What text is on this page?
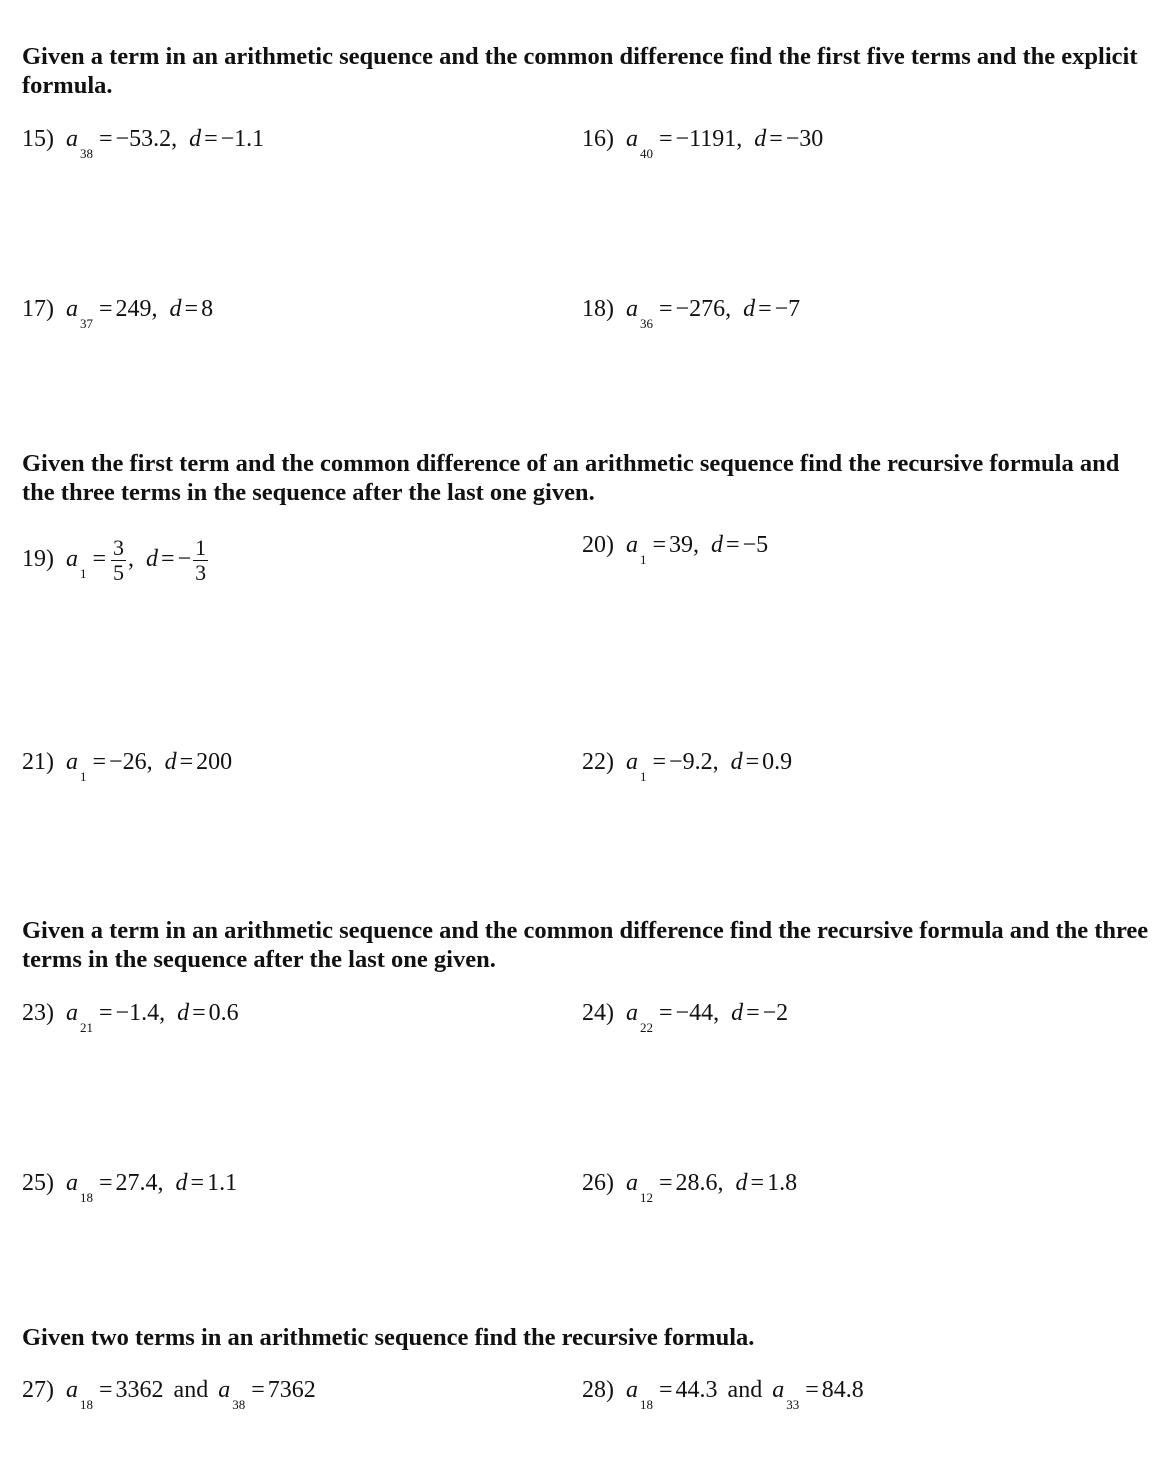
Given a term in an arithmetic sequence and the common difference find the first five terms and the explicit formula.
Given the first term and the common difference of an arithmetic sequence find the recursive formula and the three terms in the sequence after the last one given.
Given a term in an arithmetic sequence and the common difference find the recursive formula and the three terms in the sequence after the last one given.
Given two terms in an arithmetic sequence find the recursive formula.
15) $a_{38}= -53.2$, d = −1.1	16) $a_{40}= -1191$, d = −30
17) $a_{37}= 249$, d = 8	18) $a_{36}= -276$, d = −7
19) $a_1= \frac{3}{5}$ , d = − $\frac{1}{3}$	20) $a_1= 39$, d = −5
21) $a_1= -26$, d = 200	22) $a_1= -9.2$, d = 0.9
23) $a_{21}= -1.4$, d = 0.6	24) $a_{22}= -44$, d = −2
25) $a_{18}= 27.4$, d = 1.1	26) $a_{12}= 28.6$, d = 1.8
27) $a_{18}= 3362$ and $a_{38}= 7362$	28) $a_{18}= 44.3$ and $a_{33}= 84.8$
